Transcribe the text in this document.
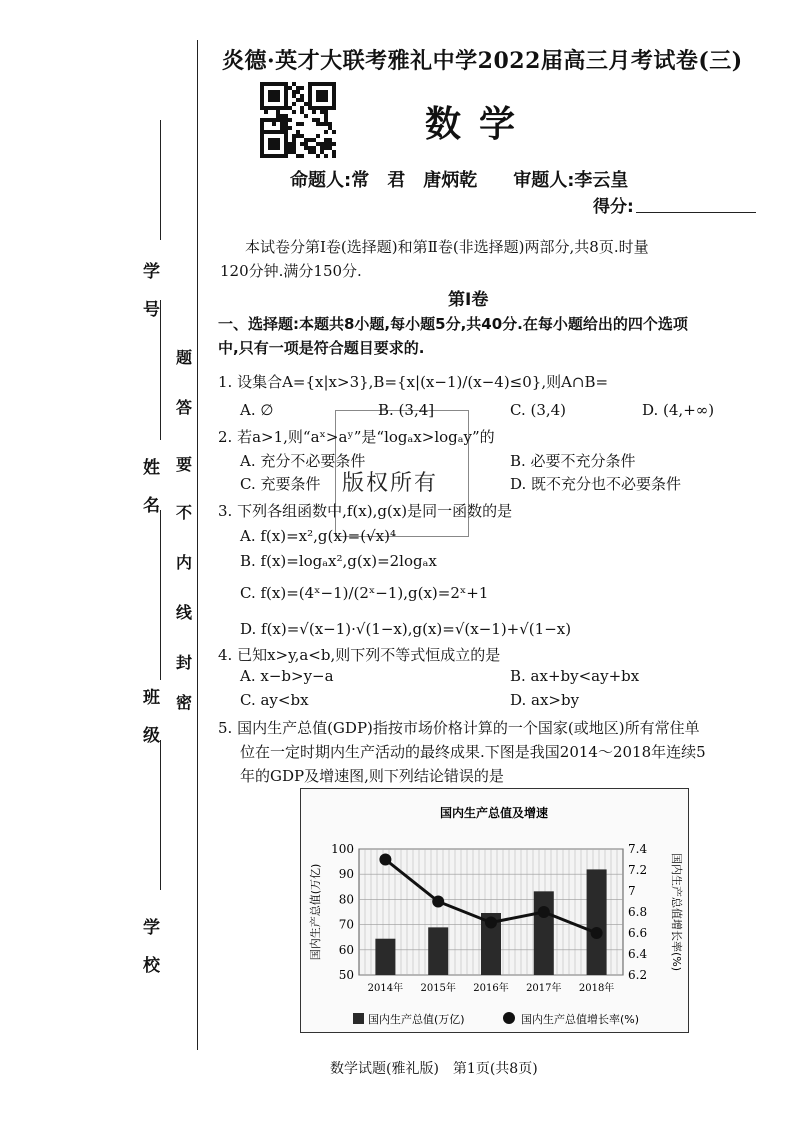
学　号
姓　名
班　级
学　校
题
答
要
不
内
线
封
密
炎德·英才大联考雅礼中学2022届高三月考试卷(三)
数学
命题人:常　君　唐炳乾　　审题人:李云皇
得分:
本试卷分第Ⅰ卷(选择题)和第Ⅱ卷(非选择题)两部分,共8页.时量
120分钟.满分150分.
第Ⅰ卷
一、选择题:本题共8小题,每小题5分,共40分.在每小题给出的四个选项
中,只有一项是符合题目要求的.
版权所有
1. 设集合A={x|x>3},B={x|(x−1)/(x−4)≤0},则A∩B=
A. ∅	B. (3,4]	C. (3,4)	D. (4,+∞)
2. 若a>1,则“aˣ>aʸ”是“logₐx>logₐy”的
A. 充分不必要条件	B. 必要不充分条件
C. 充要条件	D. 既不充分也不必要条件
3. 下列各组函数中,f(x),g(x)是同一函数的是
A. f(x)=x²,g(x)=(√x)⁴
B. f(x)=logₐx²,g(x)=2logₐx
C. f(x)=(4ˣ−1)/(2ˣ−1),g(x)=2ˣ+1
D. f(x)=√(x−1)·√(1−x),g(x)=√(x−1)+√(1−x)
4. 已知x>y,a<b,则下列不等式恒成立的是
A. x−b>y−a	B. ax+by<ay+bx
C. ay<bx	D. ax>by
5. 国内生产总值(GDP)指按市场价格计算的一个国家(或地区)所有常住单
位在一定时期内生产活动的最终成果.下图是我国2014～2018年连续5
年的GDP及增速图,则下列结论错误的是
国内生产总值及增速
50
60
70
80
90
100
6.2
6.4
6.6
6.8
7
7.2
7.4
2014年 2015年 2016年 2017年 2018年
国内生产总值(万亿)	国内生产总值增长率(%)
国内生产总值(万亿)	国内生产总值增长率(%)
数学试题(雅礼版)　第1页(共8页)
